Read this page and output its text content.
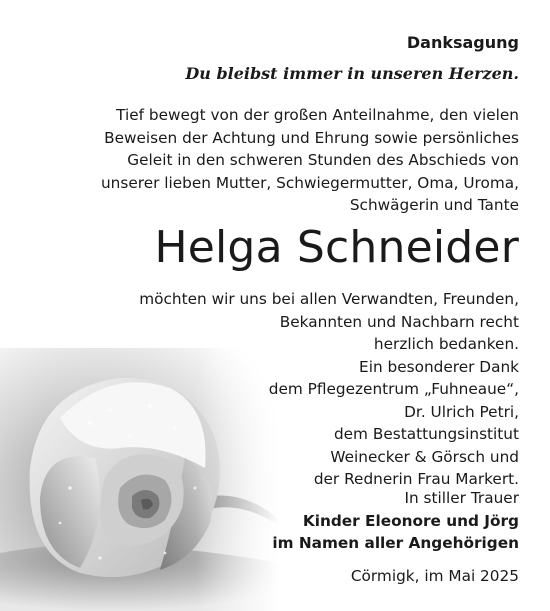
Danksagung
Du bleibst immer in unseren Herzen.
Tief bewegt von der großen Anteilnahme, den vielen
Beweisen der Achtung und Ehrung sowie persönliches
Geleit in den schweren Stunden des Abschieds von
unserer lieben Mutter, Schwiegermutter, Oma, Uroma,
Schwägerin und Tante
Helga Schneider
möchten wir uns bei allen Verwandten, Freunden,
Bekannten und Nachbarn recht
herzlich bedanken.
Ein besonderer Dank
dem Pflegezentrum „Fuhneaue“,
Dr. Ulrich Petri,
dem Bestattungsinstitut
Weinecker & Görsch und
der Rednerin Frau Markert.
In stiller Trauer
Kinder Eleonore und Jörg
im Namen aller Angehörigen
Cörmigk, im Mai 2025
